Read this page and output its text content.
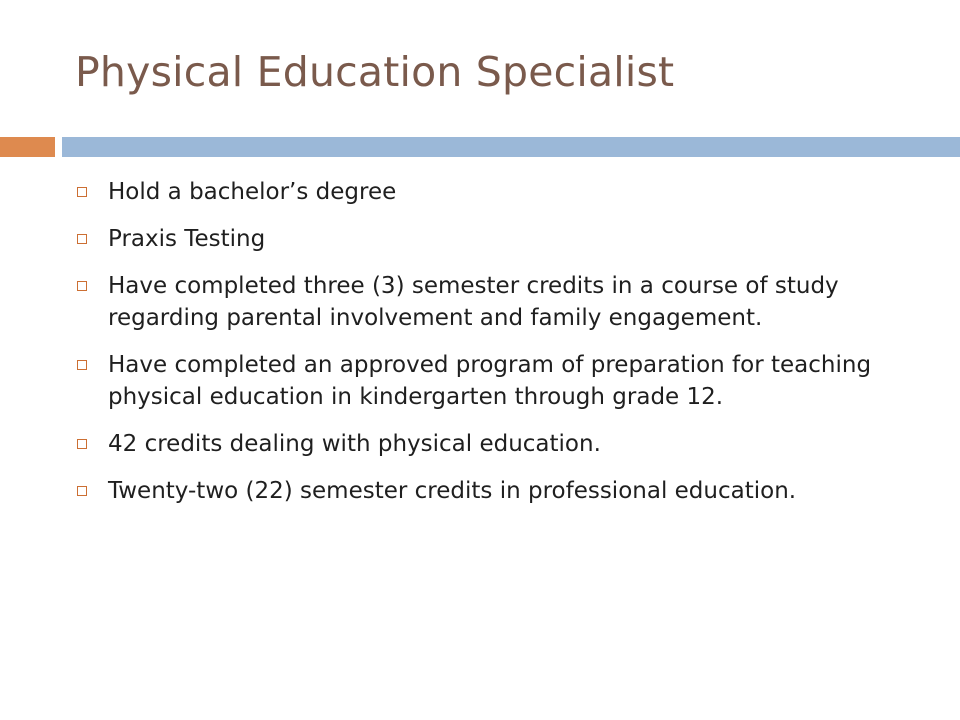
Physical Education Specialist
Hold a bachelor’s degree
Praxis Testing
Have completed three (3) semester credits in a course of study regarding parental involvement and family engagement.
Have completed an approved program of preparation for teaching physical education in kindergarten through grade 12.
42 credits dealing with physical education.
Twenty-two (22) semester credits in professional education.
